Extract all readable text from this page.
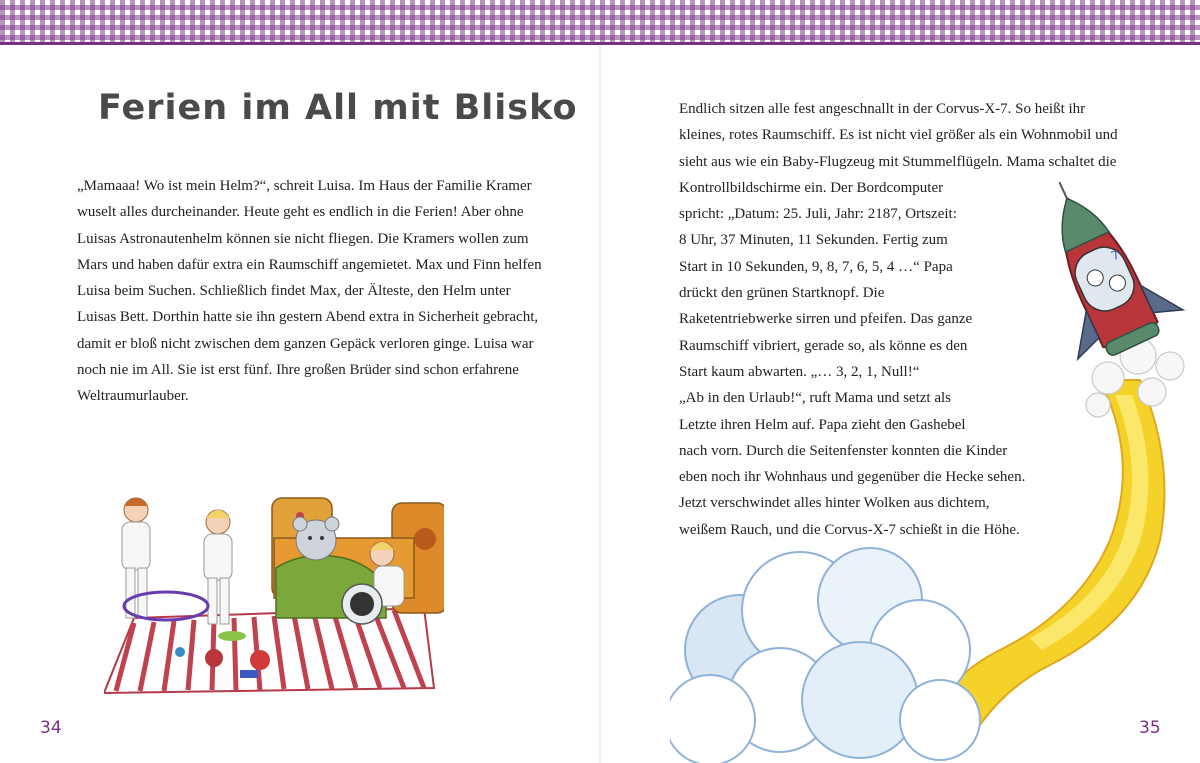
Ferien im All mit Blisko

„Mamaaa! Wo ist mein Helm?“, schreit Luisa. Im Haus der Familie Kramer wuselt alles durcheinander. Heute geht es endlich in die Ferien! Aber ohne Luisas Astronautenhelm können sie nicht fliegen. Die Kramers wollen zum Mars und haben dafür extra ein Raumschiff angemietet. Max und Finn helfen Luisa beim Suchen. Schließlich findet Max, der Älteste, den Helm unter Luisas Bett. Dorthin hatte sie ihn gestern Abend extra in Sicherheit gebracht, damit er bloß nicht zwischen dem ganzen Gepäck verloren ginge. Luisa war noch nie im All. Sie ist erst fünf. Ihre großen Brüder sind schon erfahrene Weltraumurlauber.

34
Endlich sitzen alle fest angeschnallt in der Corvus-X-7. So heißt ihr
kleines, rotes Raumschiff. Es ist nicht viel größer als ein Wohnmobil und
sieht aus wie ein Baby-Flugzeug mit Stummelflügeln. Mama schaltet die
Kontrollbildschirme ein. Der Bordcomputer
spricht: „Datum: 25. Juli, Jahr: 2187, Ortszeit:
8 Uhr, 37 Minuten, 11 Sekunden. Fertig zum
Start in 10 Sekunden, 9, 8, 7, 6, 5, 4 …“ Papa
drückt den grünen Startknopf. Die
Raketentriebwerke sirren und pfeifen. Das ganze
Raumschiff vibriert, gerade so, als könne es den
Start kaum abwarten. „… 3, 2, 1, Null!“
„Ab in den Urlaub!“, ruft Mama und setzt als
Letzte ihren Helm auf. Papa zieht den Gashebel
nach vorn. Durch die Seitenfenster konnten die Kinder
eben noch ihr Wohnhaus und gegenüber die Hecke sehen.
Jetzt verschwindet alles hinter Wolken aus dichtem,
weißem Rauch, und die Corvus-X-7 schießt in die Höhe.
7
35
